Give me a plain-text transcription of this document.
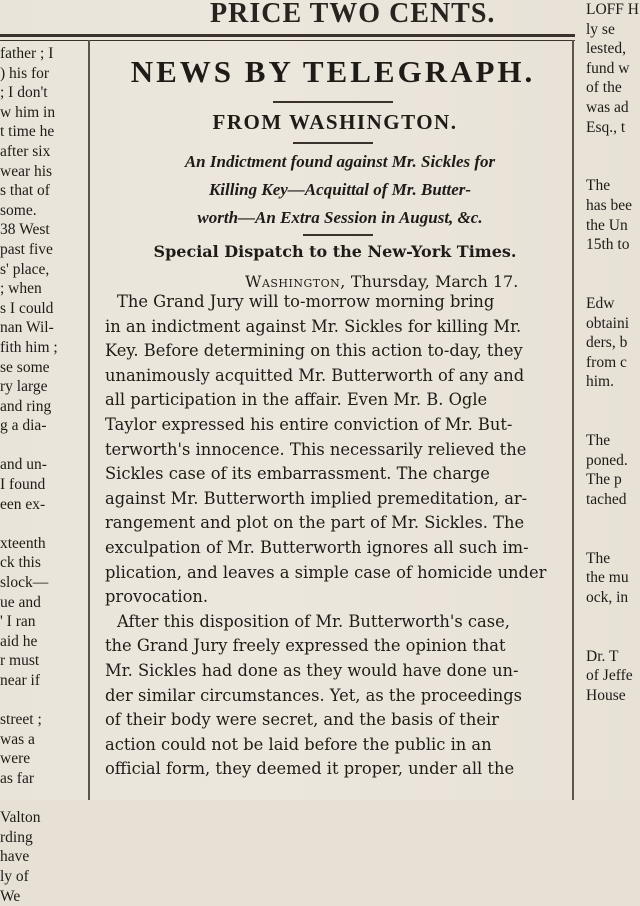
PRICE TWO CENTS.
father ; I
) his for
; I don't
w him in
t time he
after six
wear his
s that of
some.
38 West
past five
s' place,
; when
s I could
nan Wil-
fith him ;
se some
ry large
and ring
g a dia-
and un-
I found
een ex-
xteenth
ck this
slock—
ue and
' I ran
aid he
r must
near if
street ;
was a
were
as far
Valton
rding
have
ly of
We
LOFF H
ly se
lested,
fund w
of the
was ad
Esq., t
The
has bee
the Un
15th to
Edw
obtaini
ders, b
from c
him.
The
poned.
The p
tached
The
the mu
ock, in
Dr. T
of Jeffe
House
NEWS BY TELEGRAPH.
FROM WASHINGTON.
An Indictment found against Mr. Sickles for
Killing Key—Acquittal of Mr. Butter-
worth—An Extra Session in August, &c.
Special Dispatch to the New-York Times.
Washington, Thursday, March 17.
The Grand Jury will to-morrow morning bring
in an indictment against Mr. Sickles for killing Mr.
Key. Before determining on this action to-day, they
unanimously acquitted Mr. Butterworth of any and
all participation in the affair. Even Mr. B. Ogle
Taylor expressed his entire conviction of Mr. But-
terworth's innocence. This necessarily relieved the
Sickles case of its embarrassment. The charge
against Mr. Butterworth implied premeditation, ar-
rangement and plot on the part of Mr. Sickles. The
exculpation of Mr. Butterworth ignores all such im-
plication, and leaves a simple case of homicide under
provocation.
After this disposition of Mr. Butterworth's case,
the Grand Jury freely expressed the opinion that
Mr. Sickles had done as they would have done un-
der similar circumstances. Yet, as the proceedings
of their body were secret, and the basis of their
action could not be laid before the public in an
official form, they deemed it proper, under all the
